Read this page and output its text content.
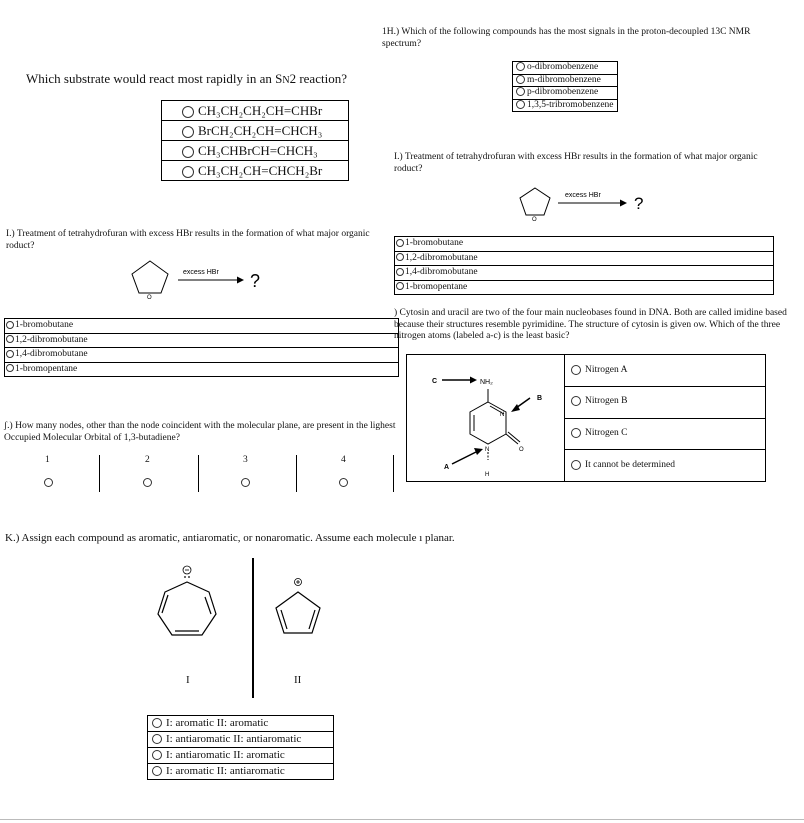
1H.) Which of the following compounds has the most signals in the proton-decoupled 13C NMR spectrum?
o-dibromobenzene
m-dibromobenzene
p-dibromobenzene
1,3,5-tribromobenzene
Which substrate would react most rapidly in an SN2 reaction?
CH₃CH₂CH₂CH=CHBr
BrCH₂CH₂CH=CHCH₃
CH₃CHBrCH=CHCH₃
CH₃CH₂CH=CHCH₂Br
I.) Treatment of tetrahydrofuran with excess HBr results in the formation of what major organic roduct?
O
excess HBr ?
1-bromobutane
1,2-dibromobutane
1,4-dibromobutane
1-bromopentane
I.) Treatment of tetrahydrofuran with excess HBr results in the formation of what major organic roduct?
O
excess HBr ?
1-bromobutane
1,2-dibromobutane
1,4-dibromobutane
1-bromopentane
) Cytosin and uracil are two of the four main nucleobases found in DNA. Both are called imidine based because their structures resemble pyrimidine. The structure of cytosin is given ow. Which of the three nitrogen atoms (labeled a-c) is the least basic?
C	NH₂
N
N
H
O
B
A
Nitrogen A
Nitrogen B
Nitrogen C
It cannot be determined
ʃ.) How many nodes, other than the node coincident with the molecular plane, are present in the lighest Occupied Molecular Orbital of 1,3-butadiene?
1	2	3	4
K.) Assign each compound as aromatic, antiaromatic, or nonaromatic. Assume each molecule ı planar.
I	II
I: aromatic II: aromatic
I: antiaromatic II: antiaromatic
I: antiaromatic II: aromatic
I: aromatic II: antiaromatic
